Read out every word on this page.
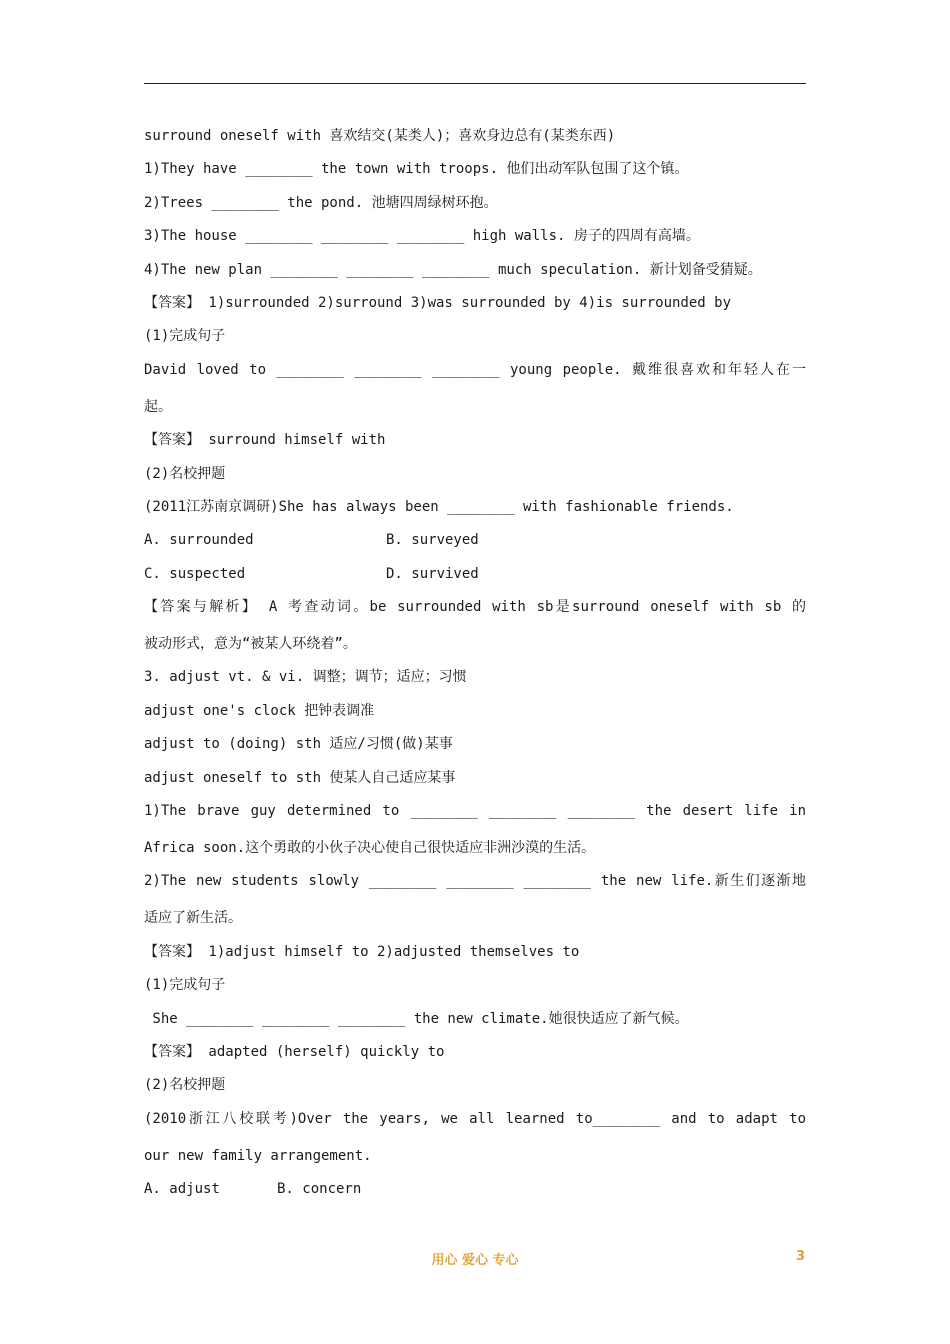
surround oneself with 喜欢结交(某类人)；喜欢身边总有(某类东西)

1)They have ________ the town with troops. 他们出动军队包围了这个镇。

2)Trees ________ the pond. 池塘四周绿树环抱。

3)The house ________ ________ ________ high walls. 房子的四周有高墙。

4)The new plan ________ ________ ________ much speculation. 新计划备受猜疑。

【答案】 1)surrounded 2)surround 3)was surrounded by 4)is surrounded by

(1)完成句子

David loved to ________ ________ ________ young people. 戴维很喜欢和年轻人在一

起。

【答案】 surround himself with

(2)名校押题

(2011江苏南京调研)She has always been ________ with fashionable friends.

A. surrounded	B. surveyed
C. suspected	D. survived

【答案与解析】 A 考查动词。be surrounded with sb是surround oneself with sb 的

被动形式，意为“被某人环绕着”。

3. adjust vt. & vi. 调整；调节；适应；习惯

adjust one's clock 把钟表调准

adjust to (doing) sth 适应/习惯(做)某事

adjust oneself to sth 使某人自己适应某事

1)The brave guy determined to ________ ________ ________ the desert life in

Africa soon.这个勇敢的小伙子决心使自己很快适应非洲沙漠的生活。

2)The new students slowly ________ ________ ________ the new life.新生们逐渐地

适应了新生活。

【答案】 1)adjust himself to 2)adjusted themselves to

(1)完成句子

She ________ ________ ________ the new climate.她很快适应了新气候。

【答案】 adapted (herself) quickly to

(2)名校押题

(2010浙江八校联考)Over the years, we all learned to________ and to adapt to

our new family arrangement.

A. adjust	B. concern
用心 爱心 专心	3
